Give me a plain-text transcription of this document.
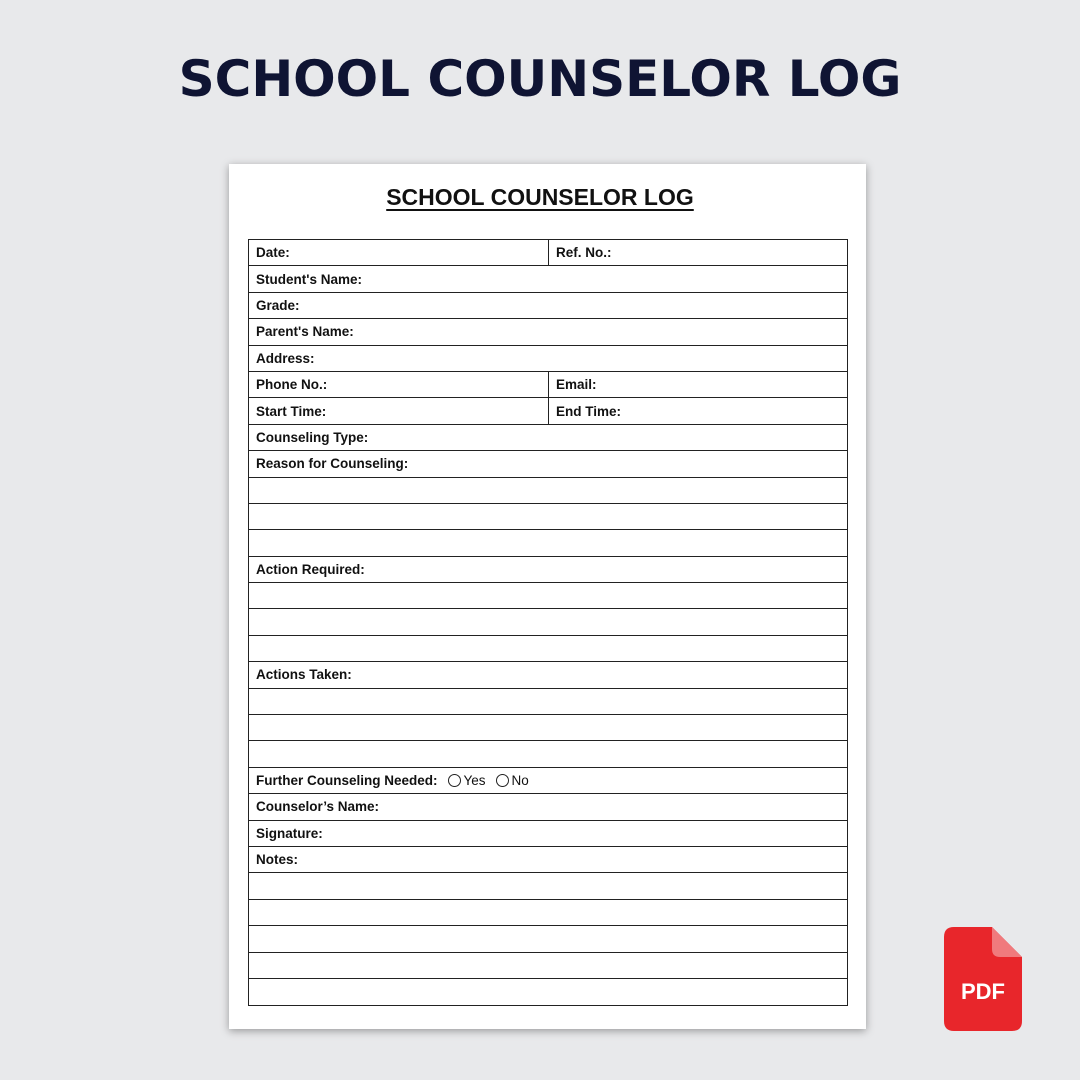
SCHOOL COUNSELOR LOG
SCHOOL COUNSELOR LOG
Date:	Ref. No.:
Student's Name:
Grade:
Parent's Name:
Address:
Phone No.:	Email:
Start Time:	End Time:
Counseling Type:
Reason for Counseling:
Action Required:
Actions Taken:
Further Counseling Needed: Yes No
Counselor’s Name:
Signature:
Notes:
PDF
